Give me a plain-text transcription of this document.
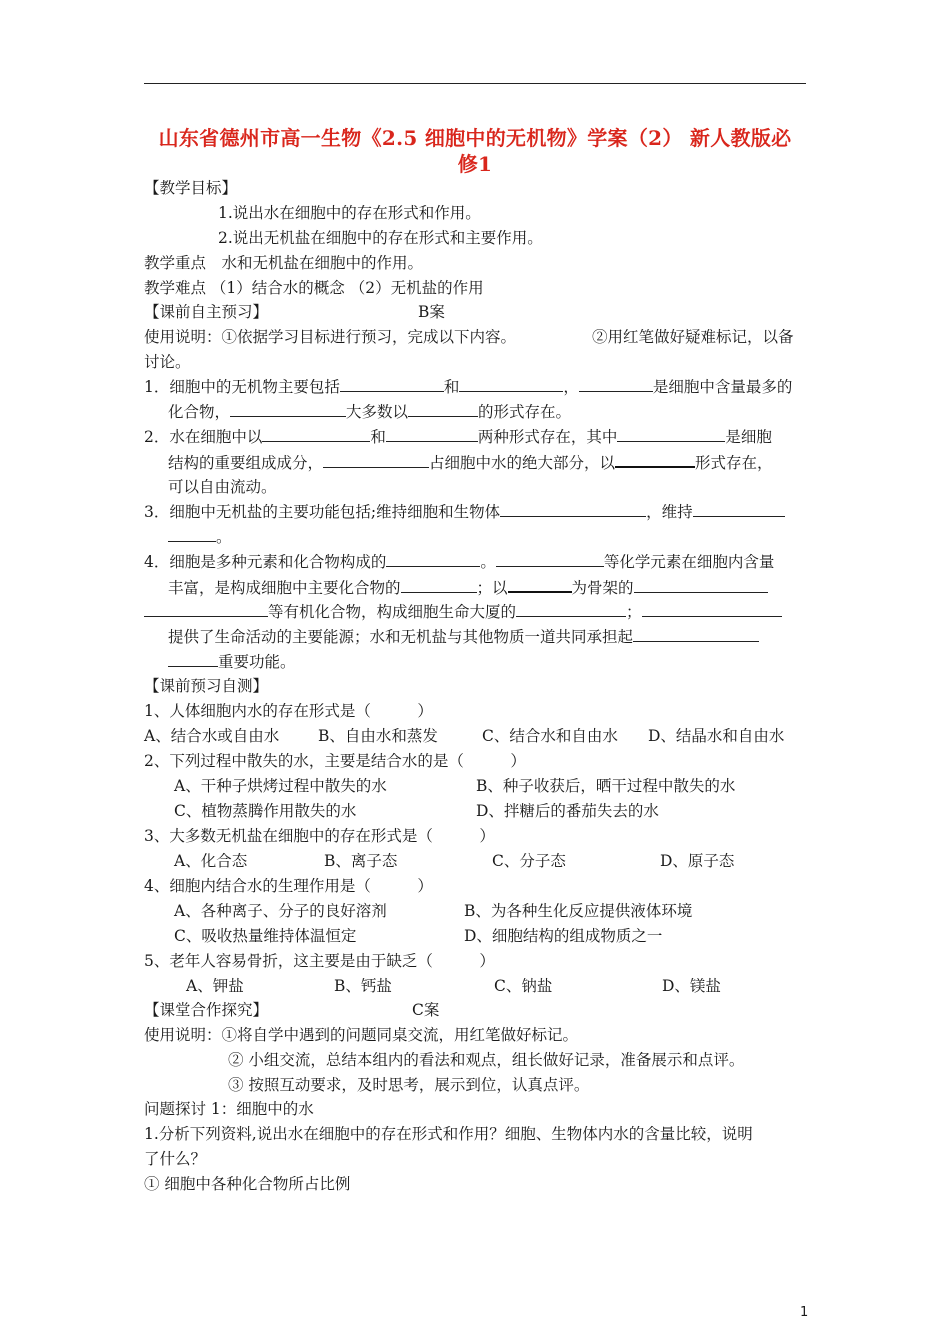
山东省德州市高一生物《2.5 细胞中的无机物》学案（2） 新人教版必
修1
【教学目标】
1.说出水在细胞中的存在形式和作用。
2.说出无机盐在细胞中的存在形式和主要作用。
教学重点　水和无机盐在细胞中的作用。
教学难点 （1）结合水的概念 （2）无机盐的作用
【课前自主预习】	B案
使用说明：①依据学习目标进行预习，完成以下内容。	②用红笔做好疑难标记，以备
讨论。
1．细胞中的无机物主要包括	和	，	是细胞中含量最多的
化合物，	大多数以	的形式存在。
2．水在细胞中以	和	两种形式存在，其中	是细胞
结构的重要组成成分，	占细胞中水的绝大部分，以	形式存在，
可以自由流动。
3．细胞中无机盐的主要功能包括;维持细胞和生物体	，维持
。
4．细胞是多种元素和化合物构成的	。	等化学元素在细胞内含量
丰富，是构成细胞中主要化合物的	；以	为骨架的
等有机化合物，构成细胞生命大厦的	；
提供了生命活动的主要能源；水和无机盐与其他物质一道共同承担起
重要功能。
【课前预习自测】
1、人体细胞内水的存在形式是（　　　）
A、结合水或自由水	B、自由水和蒸发	C、结合水和自由水 D、结晶水和自由水
2、下列过程中散失的水，主要是结合水的是（　　　）
A、干种子烘烤过程中散失的水	B、种子收获后，晒干过程中散失的水
C、植物蒸腾作用散失的水	D、拌糖后的番茄失去的水
3、大多数无机盐在细胞中的存在形式是（　　　）
A、化合态	B、离子态	C、分子态	D、原子态
4、细胞内结合水的生理作用是（　　　）
A、各种离子、分子的良好溶剂	B、为各种生化反应提供液体环境
C、吸收热量维持体温恒定	D、细胞结构的组成物质之一
5、老年人容易骨折，这主要是由于缺乏（　　　）
A、钾盐	B、钙盐	C、钠盐	D、镁盐
【课堂合作探究】	C案
使用说明：①将自学中遇到的问题同桌交流，用红笔做好标记。
② 小组交流，总结本组内的看法和观点，组长做好记录，准备展示和点评。
③ 按照互动要求，及时思考，展示到位，认真点评。
问题探讨 1：细胞中的水
1.分析下列资料,说出水在细胞中的存在形式和作用？细胞、生物体内水的含量比较，说明
了什么？
① 细胞中各种化合物所占比例
1
